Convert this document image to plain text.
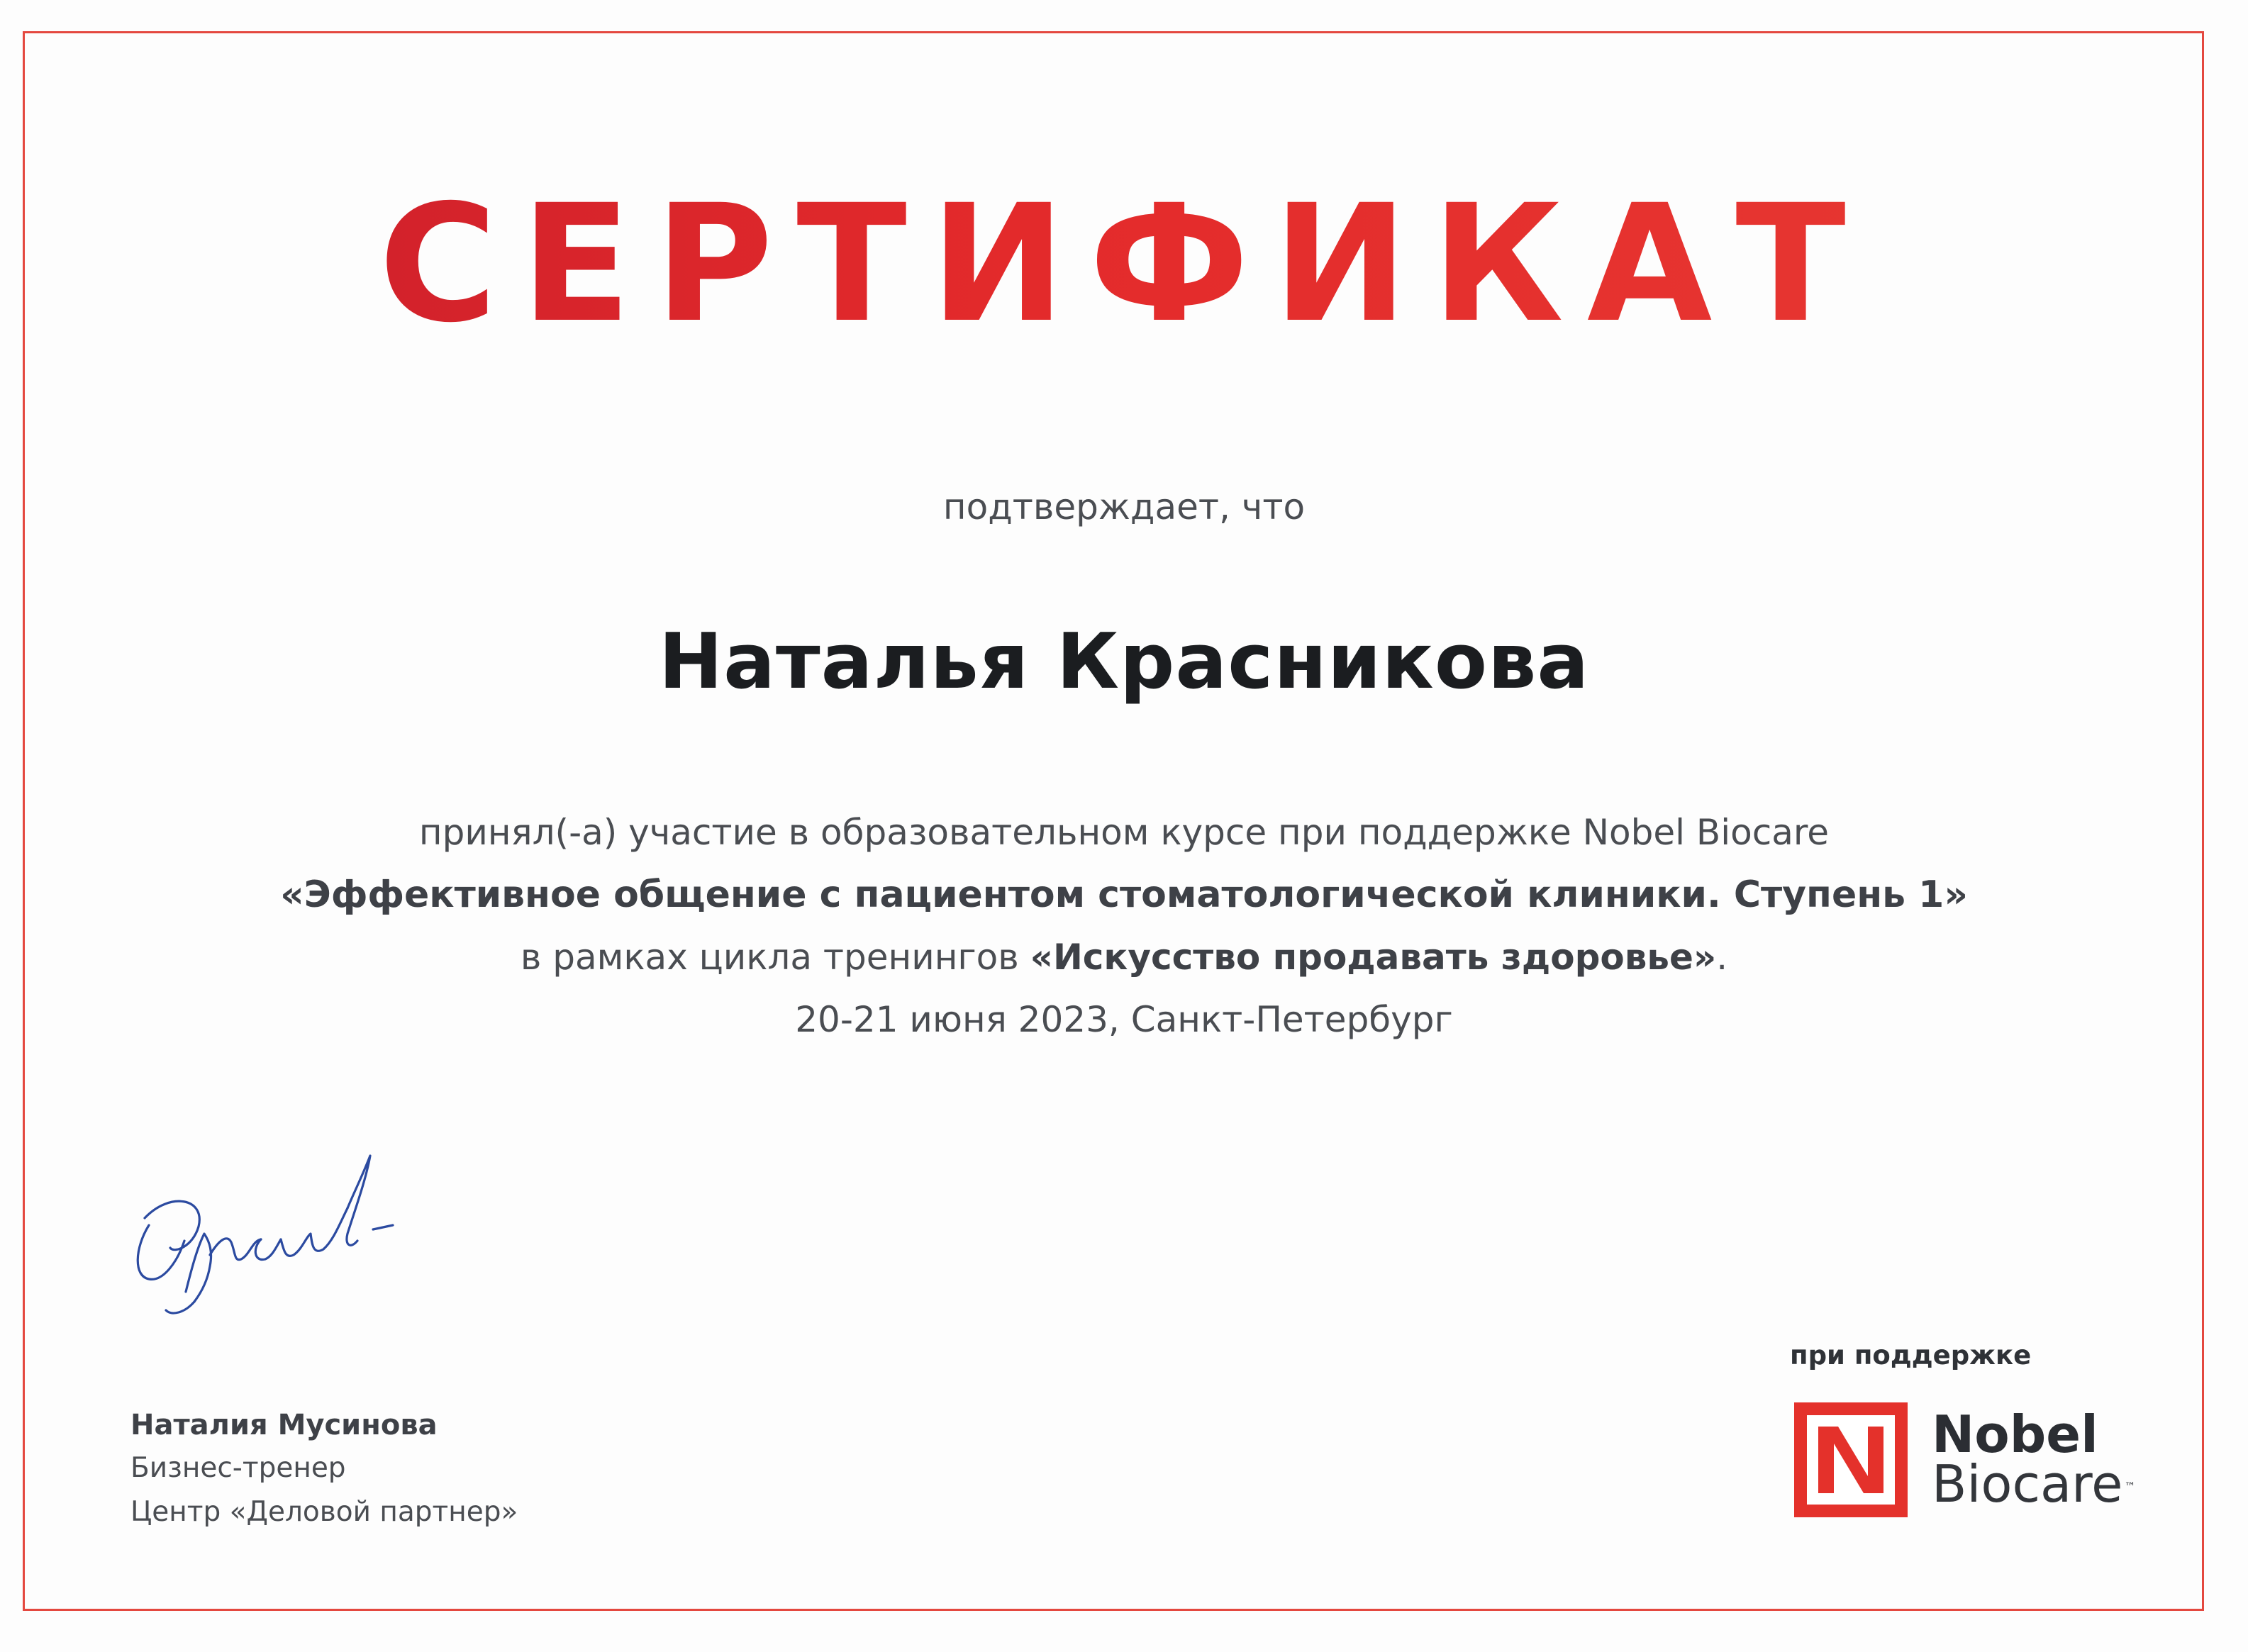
СЕРТИФИКАТ
подтверждает, что
Наталья Красникова
принял(-а) участие в образовательном курсе при поддержке Nobel Biocare
«Эффективное общение с пациентом стоматологической клиники. Ступень 1»
в рамках цикла тренингов «Искусство продавать здоровье».
20-21 июня 2023, Санкт-Петербург
Наталия Мусинова
Бизнес-тренер
Центр «Деловой партнер»
при поддержке
Nobel
Biocare ™
